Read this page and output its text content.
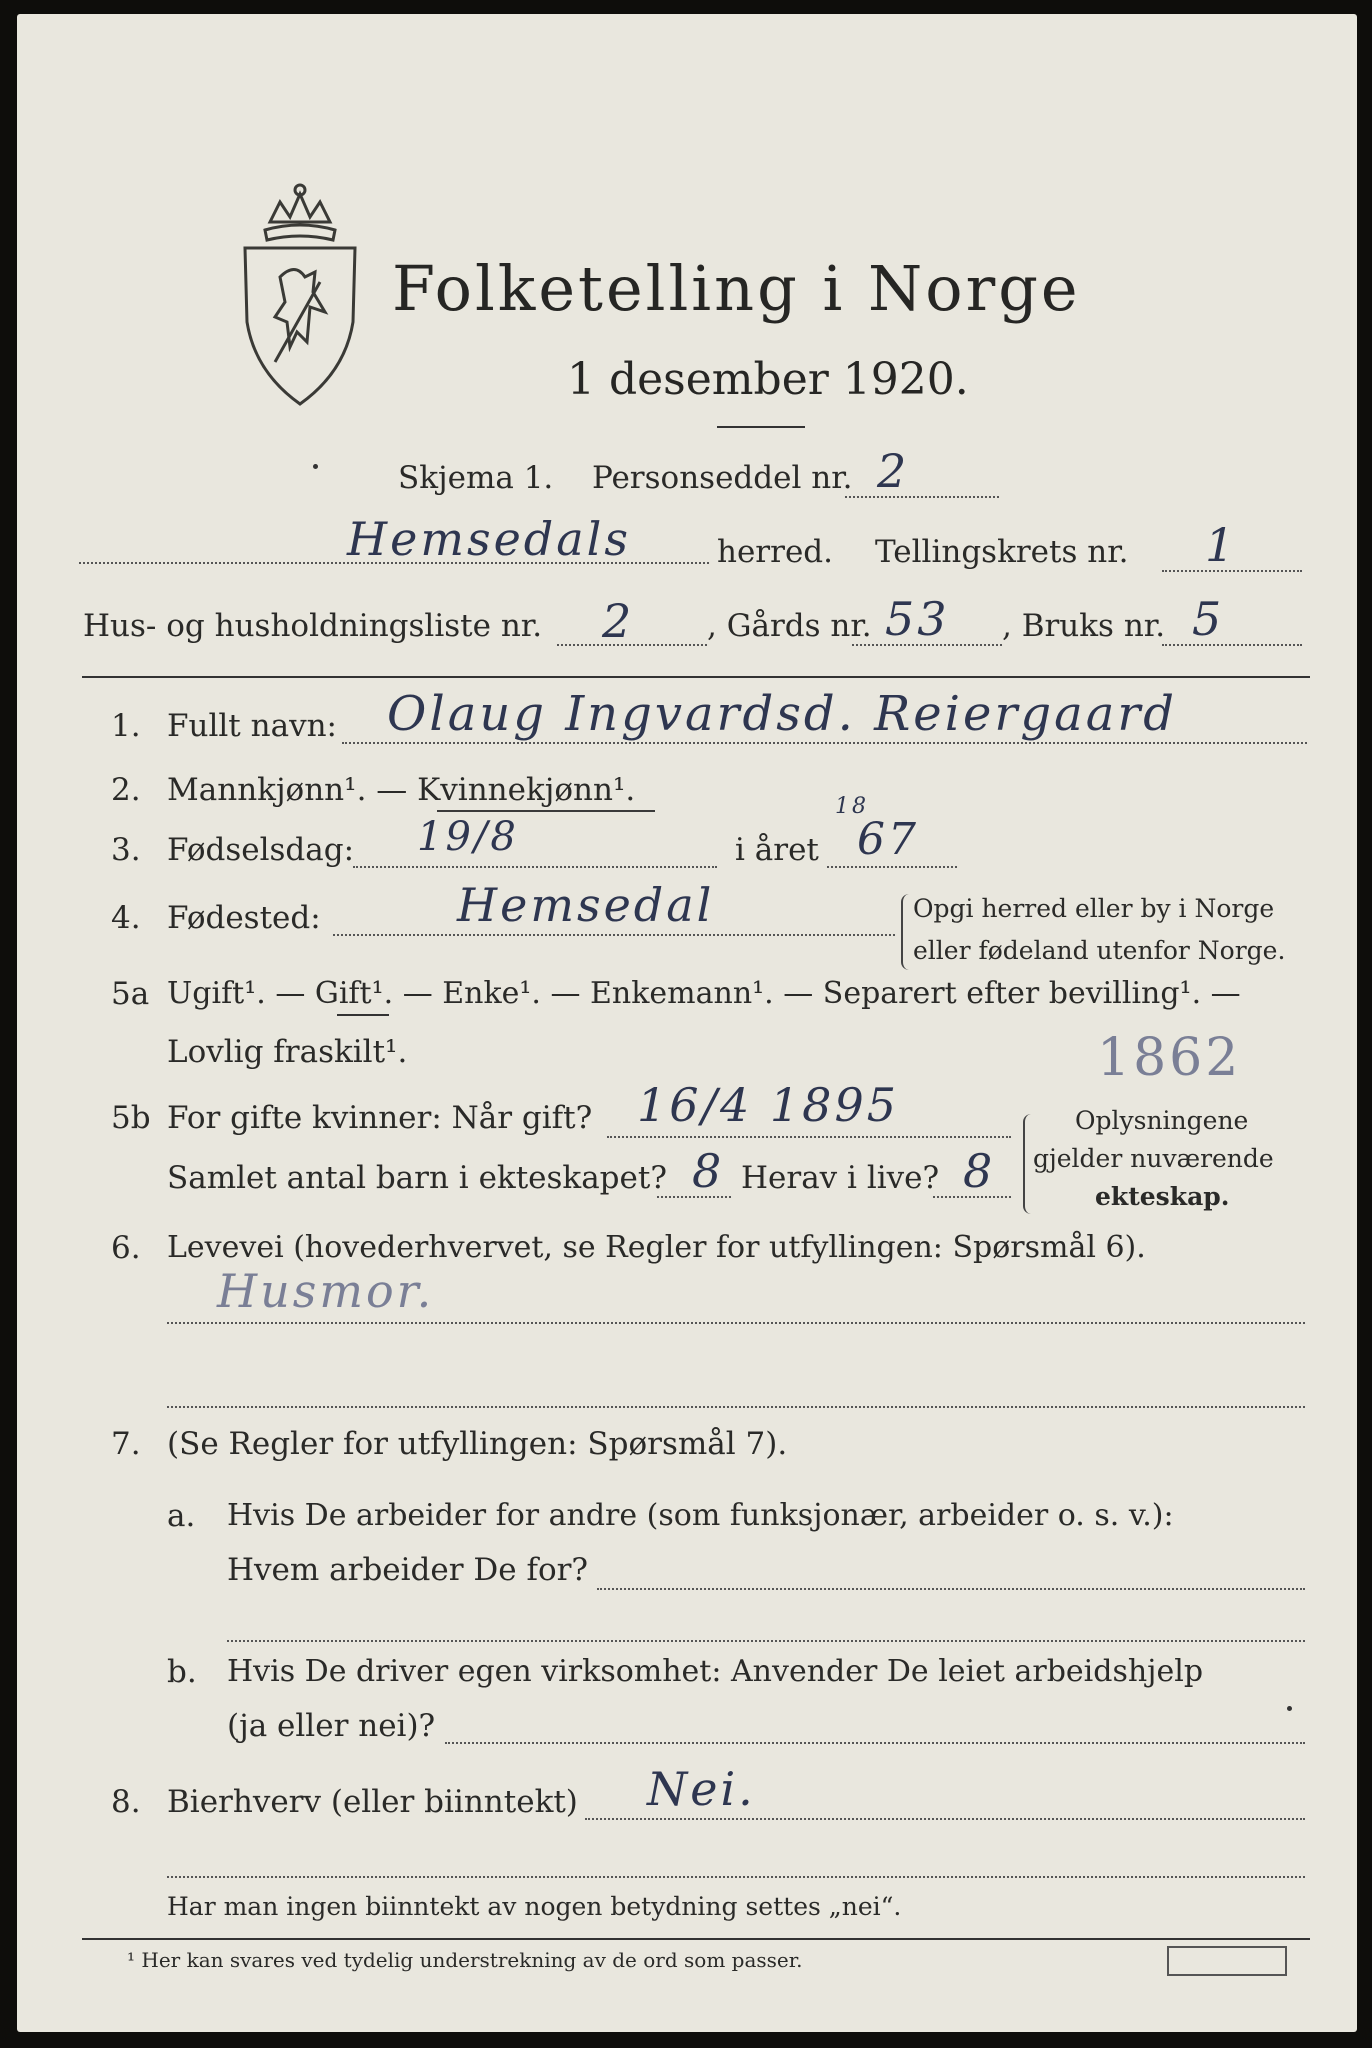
Folketelling i Norge
1 desember 1920.
Skjema 1. Personseddel nr. 2
Hemsedals	herred. Tellingskrets nr. 1
Hus- og husholdningsliste nr. 2 , Gårds nr. 53 , Bruks nr. 5
1. Fullt navn: Olaug Ingvardsd. Reiergaard
2. Mannkjønn¹. — Kvinnekjønn¹.
3. Fødselsdag: 19/8	i året
18
67
4. Fødested:	Hemsedal	Opgi herred eller by i Norge
eller fødeland utenfor Norge.
5a Ugift¹. — Gift¹. — Enke¹. — Enkemann¹. — Separert efter bevilling¹. —
Lovlig fraskilt¹.	1862
5b For gifte kvinner: Når gift? 16/4 1895
Samlet antal barn i ekteskapet? 8 Herav i live? 8
Oplysningene
gjelder nuværende
ekteskap.
6. Levevei (hovederhvervet, se Regler for utfyllingen: Spørsmål 6).
Husmor.
7. (Se Regler for utfyllingen: Spørsmål 7).
a. Hvis De arbeider for andre (som funksjonær, arbeider o. s. v.):
Hvem arbeider De for?
b. Hvis De driver egen virksomhet: Anvender De leiet arbeidshjelp
(ja eller nei)?
8. Bierhverv (eller biinntekt) Nei.
Har man ingen biinntekt av nogen betydning settes „nei“.
¹ Her kan svares ved tydelig understrekning av de ord som passer.
